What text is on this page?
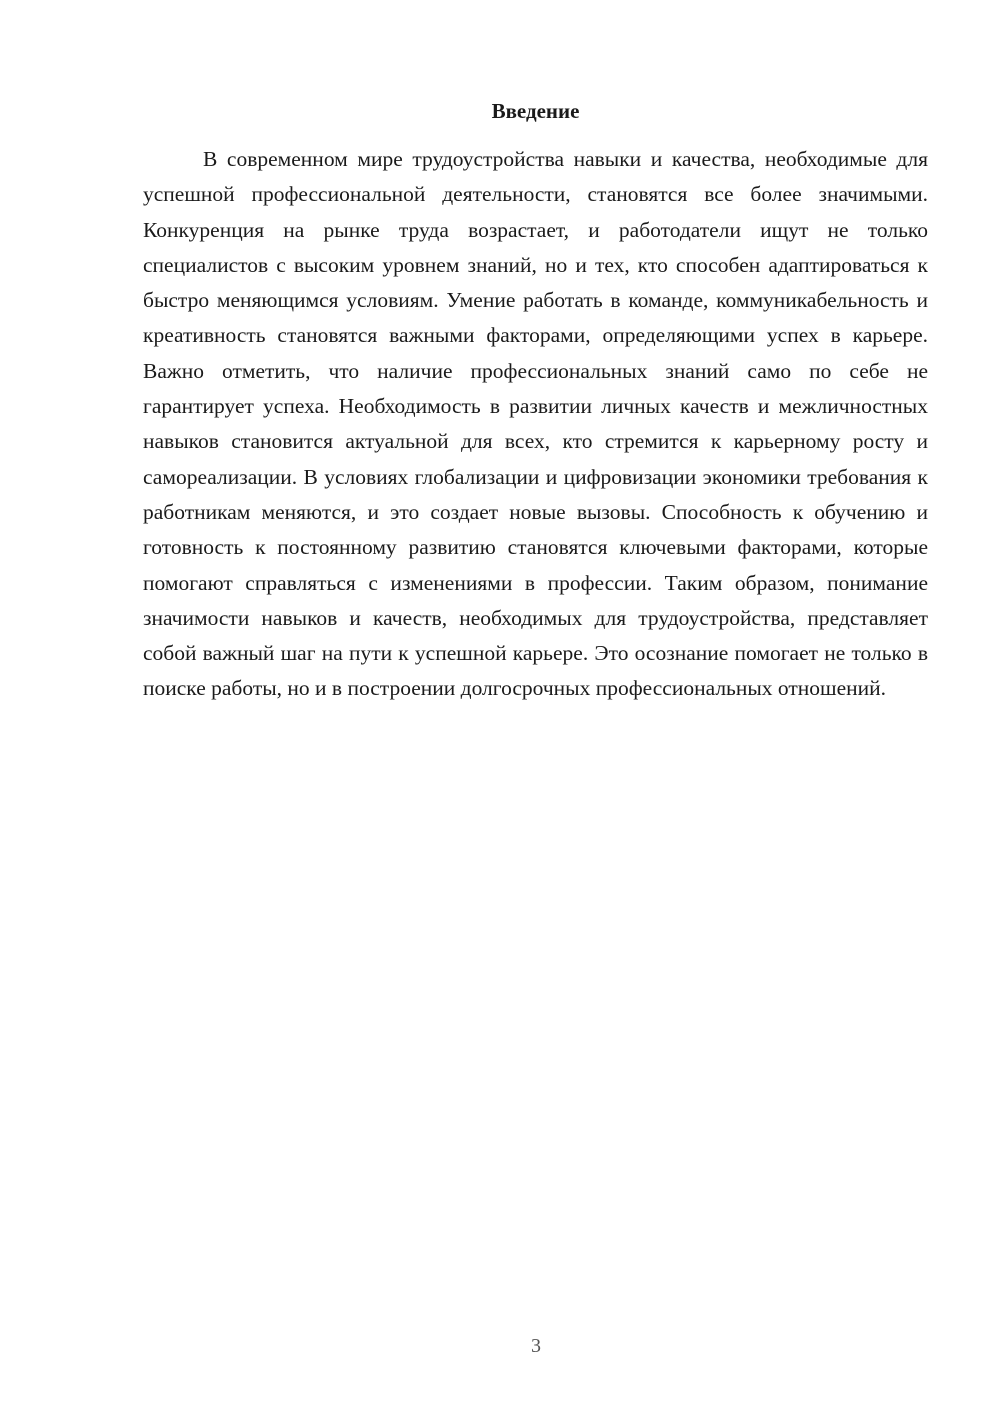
Введение

В современном мире трудоустройства навыки и качества, необходимые для успешной профессиональной деятельности, становятся все более значимыми. Конкуренция на рынке труда возрастает, и работодатели ищут не только специалистов с высоким уровнем знаний, но и тех, кто способен адаптироваться к быстро меняющимся условиям. Умение работать в команде, коммуникабельность и креативность становятся важными факторами, определяющими успех в карьере. Важно отметить, что наличие профессиональных знаний само по себе не гарантирует успеха. Необходимость в развитии личных качеств и межличностных навыков становится актуальной для всех, кто стремится к карьерному росту и самореализации. В условиях глобализации и цифровизации экономики требования к работникам меняются, и это создает новые вызовы. Способность к обучению и готовность к постоянному развитию становятся ключевыми факторами, которые помогают справляться с изменениями в профессии. Таким образом, понимание значимости навыков и качеств, необходимых для трудоустройства, представляет собой важный шаг на пути к успешной карьере. Это осознание помогает не только в поиске работы, но и в построении долгосрочных профессиональных отношений.

3
